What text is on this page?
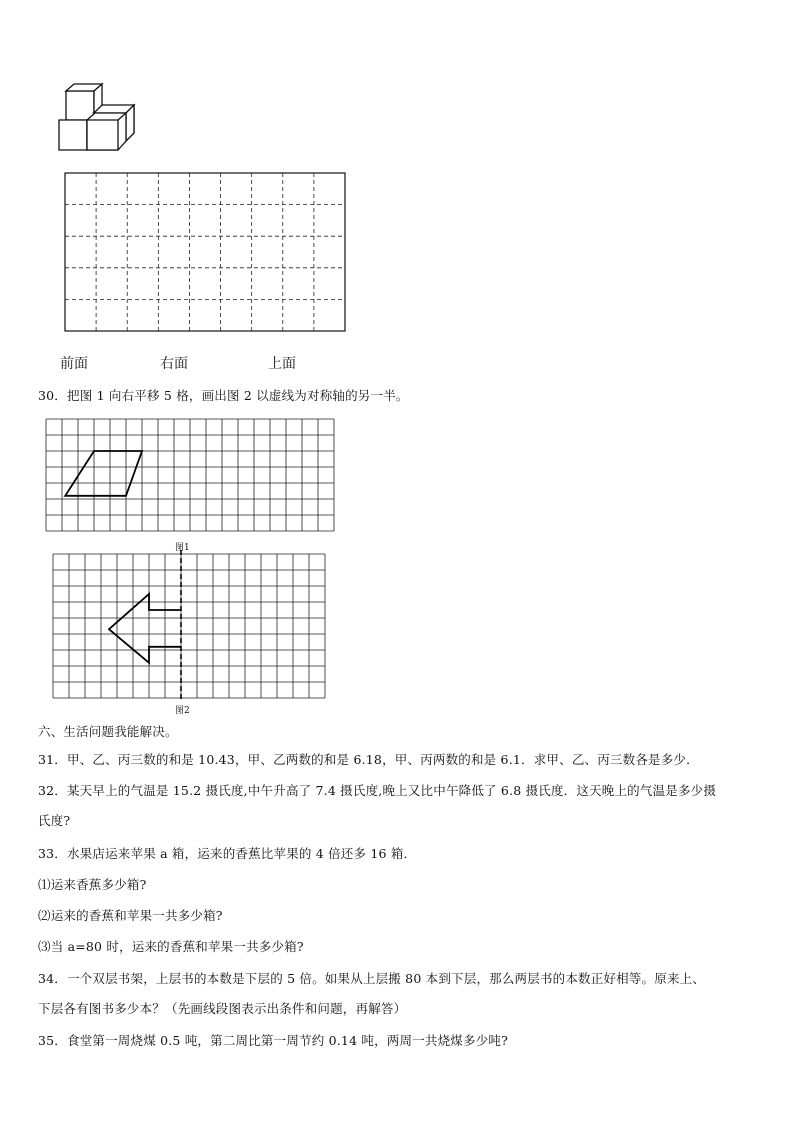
前面	右面	上面
30．把图 1 向右平移 5 格，画出图 2 以虚线为对称轴的另一半。
图1
图2
六、生活问题我能解决。
31．甲、乙、丙三数的和是 10.43，甲、乙两数的和是 6.18，甲、丙两数的和是 6.1．求甲、乙、丙三数各是多少．
32．某天早上的气温是 15.2 摄氏度,中午升高了 7.4 摄氏度,晚上又比中午降低了 6.8 摄氏度．这天晚上的气温是多少摄
氏度?
33．水果店运来苹果 a 箱，运来的香蕉比苹果的 4 倍还多 16 箱．
⑴运来香蕉多少箱?
⑵运来的香蕉和苹果一共多少箱?
⑶当 a=80 时，运来的香蕉和苹果一共多少箱?
34．一个双层书架，上层书的本数是下层的 5 倍。如果从上层搬 80 本到下层，那么两层书的本数正好相等。原来上、
下层各有图书多少本？（先画线段图表示出条件和问题，再解答）
35．食堂第一周烧煤 0.5 吨，第二周比第一周节约 0.14 吨，两周一共烧煤多少吨?
